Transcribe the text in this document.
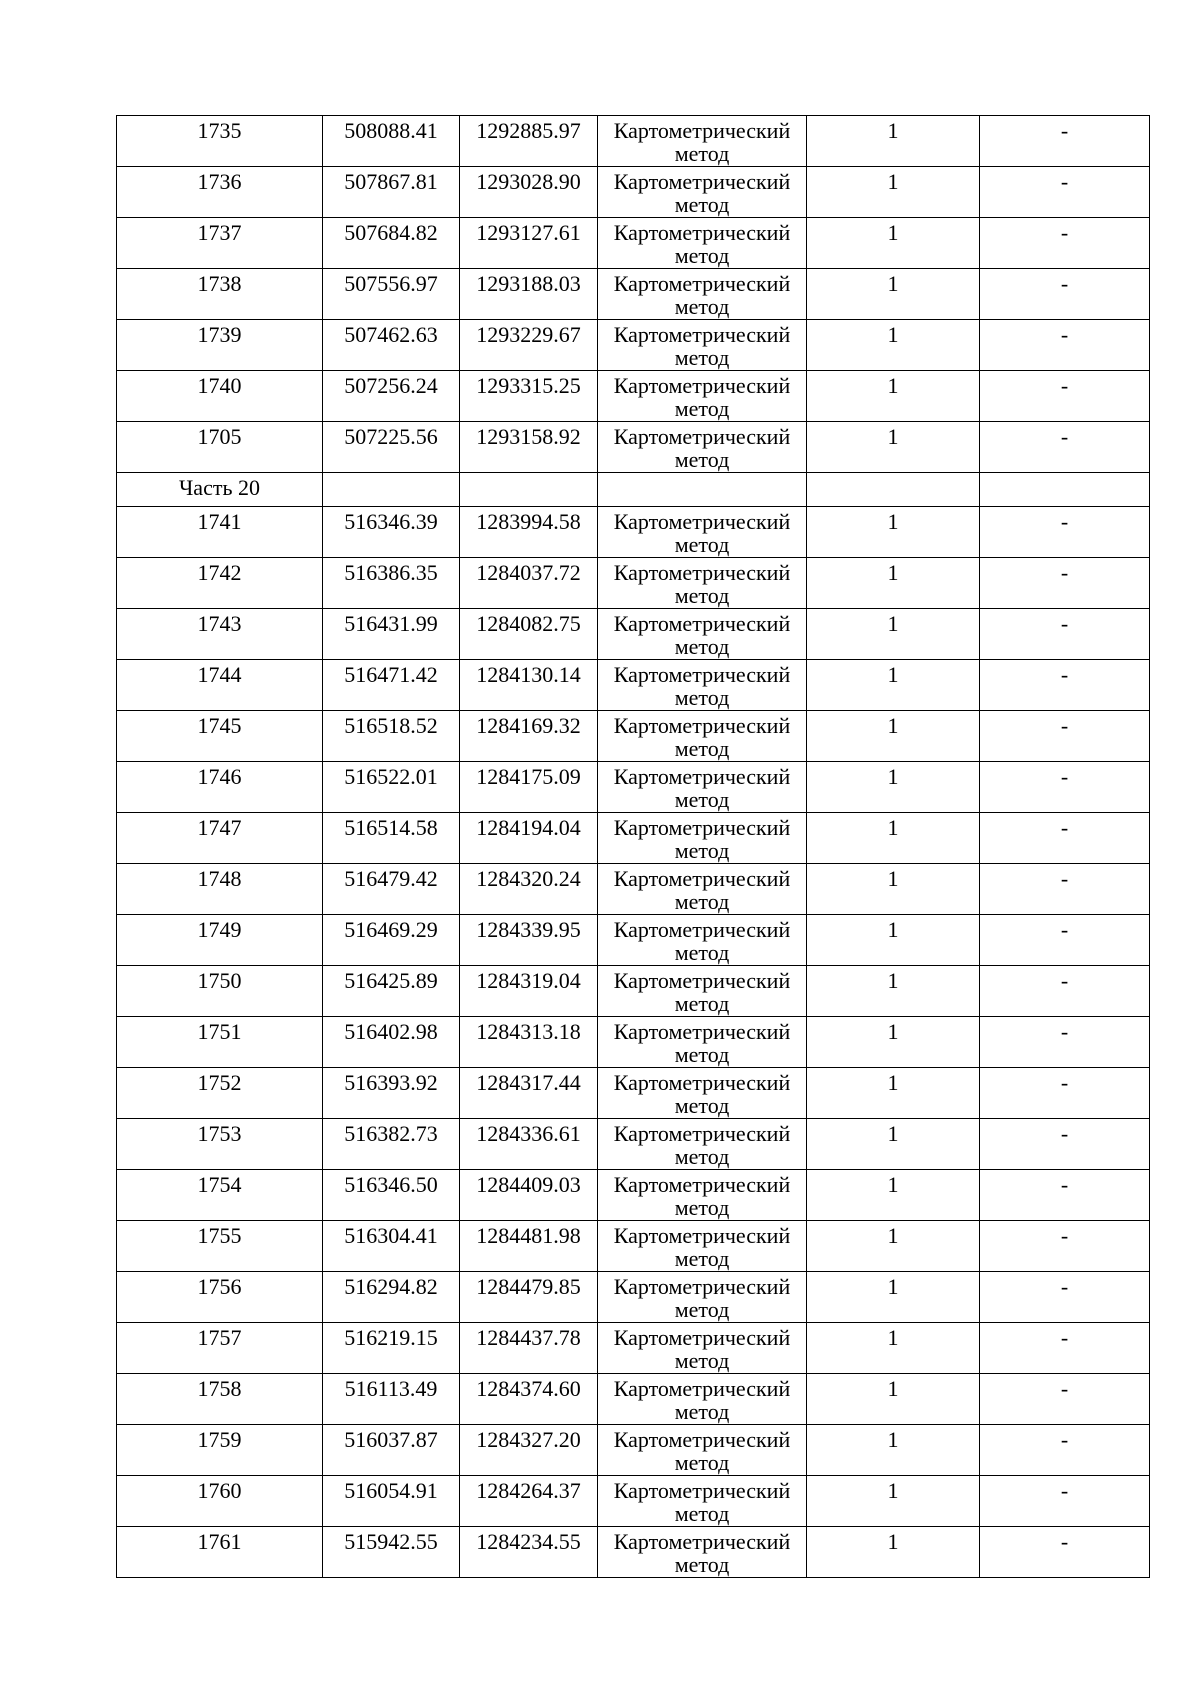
1735	508088.41	1292885.97	Картометрический метод	1	-

1736	507867.81	1293028.90	Картометрический метод	1	-

1737	507684.82	1293127.61	Картометрический метод	1	-

1738	507556.97	1293188.03	Картометрический метод	1	-

1739	507462.63	1293229.67	Картометрический метод	1	-

1740	507256.24	1293315.25	Картометрический метод	1	-

1705	507225.56	1293158.92	Картометрический метод	1	-

Часть 20					

1741	516346.39	1283994.58	Картометрический метод	1	-

1742	516386.35	1284037.72	Картометрический метод	1	-

1743	516431.99	1284082.75	Картометрический метод	1	-

1744	516471.42	1284130.14	Картометрический метод	1	-

1745	516518.52	1284169.32	Картометрический метод	1	-

1746	516522.01	1284175.09	Картометрический метод	1	-

1747	516514.58	1284194.04	Картометрический метод	1	-

1748	516479.42	1284320.24	Картометрический метод	1	-

1749	516469.29	1284339.95	Картометрический метод	1	-

1750	516425.89	1284319.04	Картометрический метод	1	-

1751	516402.98	1284313.18	Картометрический метод	1	-

1752	516393.92	1284317.44	Картометрический метод	1	-

1753	516382.73	1284336.61	Картометрический метод	1	-

1754	516346.50	1284409.03	Картометрический метод	1	-

1755	516304.41	1284481.98	Картометрический метод	1	-

1756	516294.82	1284479.85	Картометрический метод	1	-

1757	516219.15	1284437.78	Картометрический метод	1	-

1758	516113.49	1284374.60	Картометрический метод	1	-

1759	516037.87	1284327.20	Картометрический метод	1	-

1760	516054.91	1284264.37	Картометрический метод	1	-

1761	515942.55	1284234.55	Картометрический метод	1	-
